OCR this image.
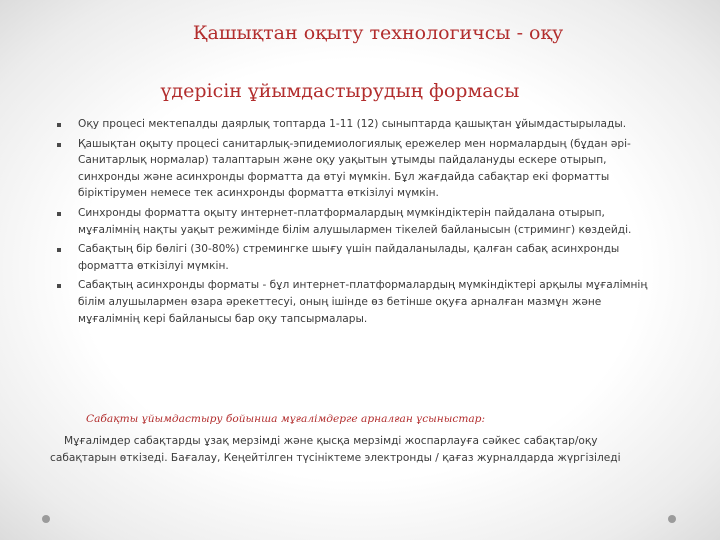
Қашықтан оқыту технологичсы - оқу
үдерісін ұйымдастырудың формасы
Оқу процесі мектепалды даярлық топтарда 1-11 (12) сыныптарда қашықтан ұйымдастырылады.
Қашықтан оқыту процесі санитарлық-эпидемиологиялық ережелер мен нормалардың (бұдан әрі-Санитарлық нормалар) талаптарын және оқу уақытын ұтымды пайдалануды ескере отырып, синхронды және асинхронды форматта да өтуі мүмкін. Бұл жағдайда сабақтар екі форматты біріктірумен немесе тек асинхронды форматта өткізілуі мүмкін.
Синхронды форматта оқыту интернет-платформалардың мүмкіндіктерін пайдалана отырып, мұғалімнің нақты уақыт режимінде білім алушылармен тікелей байланысын (стриминг) көздейді.
Сабақтың бір бөлігі (30-80%) стремингке шығу үшін пайдаланылады, қалған сабақ асинхронды форматта өткізілуі мүмкін.
Сабақтың асинхронды форматы - бұл интернет-платформалардың мүмкіндіктері арқылы мұғалімнің білім алушылармен өзара әрекеттесуі, оның ішінде өз бетінше оқуға арналған мазмұн және мұғалімнің кері байланысы бар оқу тапсырмалары.

Сабақты ұйымдастыру бойынша мұғалімдерге арналған ұсыныстар:

Мұғалімдер сабақтарды ұзақ мерзімді және қысқа мерзімді жоспарлауға сәйкес сабақтар/оқу сабақтарын өткізеді. Бағалау, Кеңейтілген түсініктеме электронды / қағаз журналдарда жүргізіледі
